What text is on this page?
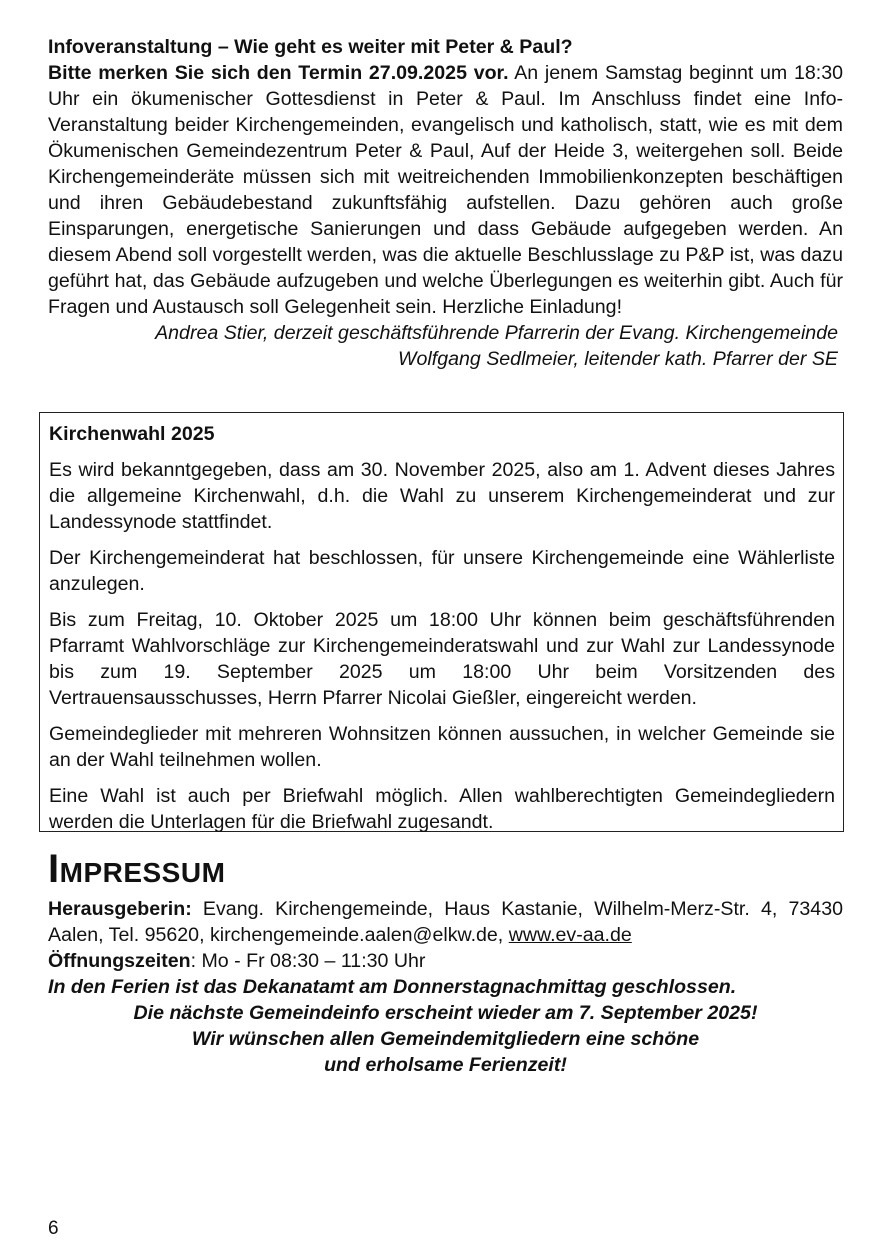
Infoveranstaltung – Wie geht es weiter mit Peter & Paul?

Bitte merken Sie sich den Termin 27.09.2025 vor. An jenem Samstag beginnt um 18:30 Uhr ein ökumenischer Gottesdienst in Peter & Paul. Im Anschluss findet eine Info-Veranstaltung beider Kirchengemeinden, evangelisch und katholisch, statt, wie es mit dem Ökumenischen Gemeindezentrum Peter & Paul, Auf der Heide 3, weitergehen soll. Beide Kirchengemeinderäte müssen sich mit weitreichenden Immobilienkonzepten beschäftigen und ihren Gebäudebestand zukunftsfähig aufstellen. Dazu gehören auch große Einsparungen, energetische Sanierungen und dass Gebäude aufgegeben werden. An diesem Abend soll vorgestellt werden, was die aktuelle Beschlusslage zu P&P ist, was dazu geführt hat, das Gebäude aufzugeben und welche Überlegungen es weiterhin gibt. Auch für Fragen und Austausch soll Gelegenheit sein. Herzliche Einladung!

Andrea Stier, derzeit geschäftsführende Pfarrerin der Evang. Kirchengemeinde

Wolfgang Sedlmeier, leitender kath. Pfarrer der SE

Kirchenwahl 2025

Es wird bekanntgegeben, dass am 30. November 2025, also am 1. Advent dieses Jahres die allgemeine Kirchenwahl, d.h. die Wahl zu unserem Kirchengemeinderat und zur Landessynode stattfindet.

Der Kirchengemeinderat hat beschlossen, für unsere Kirchengemeinde eine Wählerliste anzulegen.

Bis zum Freitag, 10. Oktober 2025 um 18:00 Uhr können beim geschäftsführenden Pfarramt Wahlvorschläge zur Kirchengemeinderatswahl und zur Wahl zur Landessynode bis zum 19. September 2025 um 18:00 Uhr beim Vorsitzenden des Vertrauensausschusses, Herrn Pfarrer Nicolai Gießler, eingereicht werden.

Gemeindeglieder mit mehreren Wohnsitzen können aussuchen, in welcher Gemeinde sie an der Wahl teilnehmen wollen.

Eine Wahl ist auch per Briefwahl möglich. Allen wahlberechtigten Gemeindegliedern werden die Unterlagen für die Briefwahl zugesandt.

Impressum

Herausgeberin: Evang. Kirchengemeinde, Haus Kastanie, Wilhelm-Merz-Str. 4, 73430 Aalen, Tel. 95620, kirchengemeinde.aalen@elkw.de, www.ev-aa.de

Öffnungszeiten: Mo - Fr 08:30 – 11:30 Uhr

In den Ferien ist das Dekanatamt am Donnerstagnachmittag geschlossen.

Die nächste Gemeindeinfo erscheint wieder am 7. September 2025!

Wir wünschen allen Gemeindemitgliedern eine schöne

und erholsame Ferienzeit!

6
